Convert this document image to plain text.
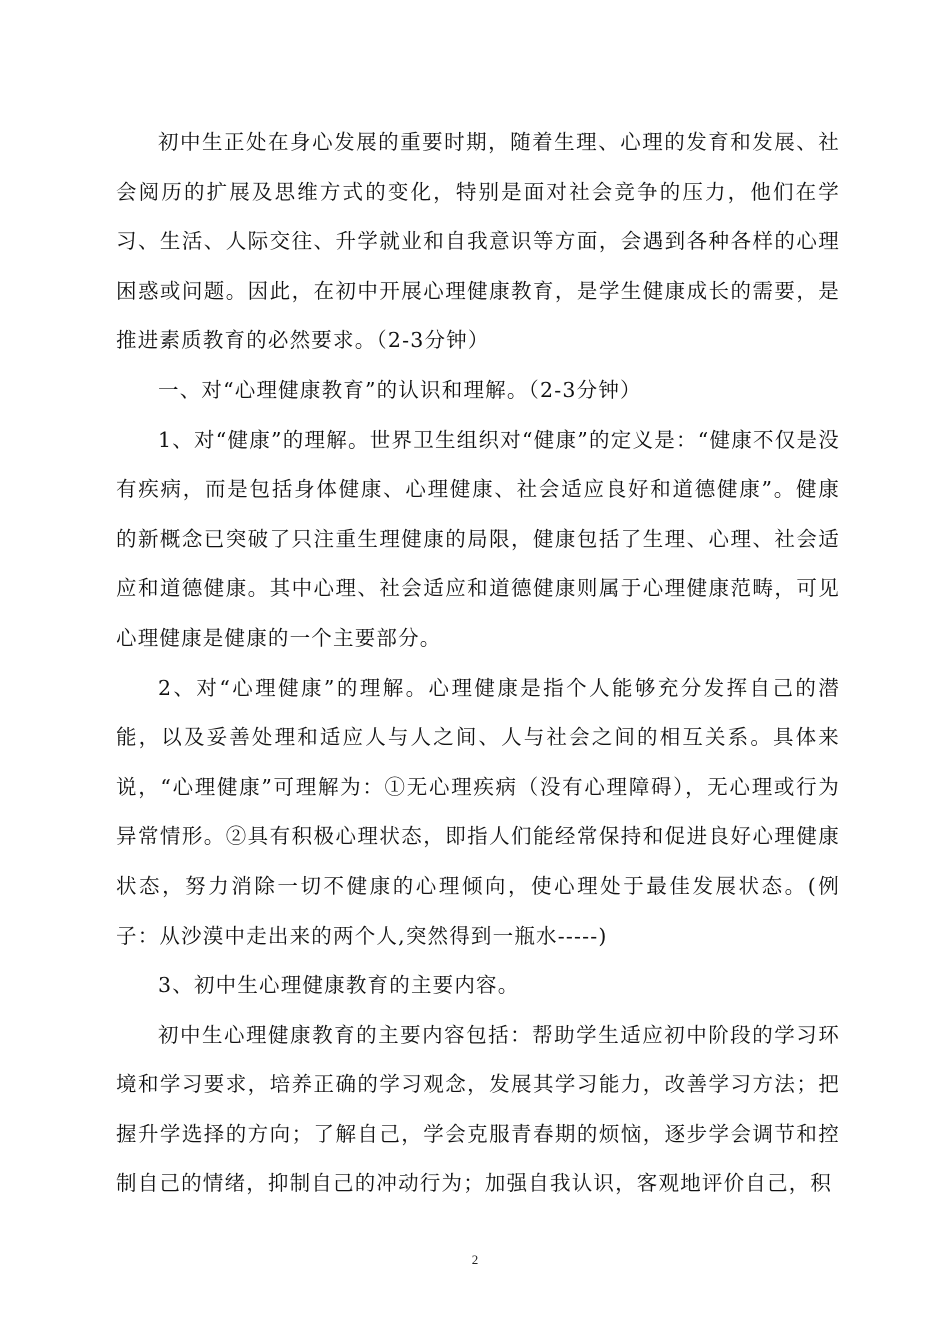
初中生正处在身心发展的重要时期，随着生理、心理的发育和发展、社会阅历的扩展及思维方式的变化，特别是面对社会竞争的压力，他们在学习、生活、人际交往、升学就业和自我意识等方面，会遇到各种各样的心理困惑或问题。因此，在初中开展心理健康教育，是学生健康成长的需要，是推进素质教育的必然要求。（2-3分钟）

一、对“心理健康教育”的认识和理解。（2-3分钟）

1、对“健康”的理解。世界卫生组织对“健康”的定义是：“健康不仅是没有疾病，而是包括身体健康、心理健康、社会适应良好和道德健康”。健康的新概念已突破了只注重生理健康的局限，健康包括了生理、心理、社会适应和道德健康。其中心理、社会适应和道德健康则属于心理健康范畴，可见心理健康是健康的一个主要部分。

2、对“心理健康”的理解。心理健康是指个人能够充分发挥自己的潜能，以及妥善处理和适应人与人之间、人与社会之间的相互关系。具体来说，“心理健康”可理解为：①无心理疾病（没有心理障碍），无心理或行为异常情形。②具有积极心理状态，即指人们能经常保持和促进良好心理健康状态，努力消除一切不健康的心理倾向，使心理处于最佳发展状态。(例子：从沙漠中走出来的两个人,突然得到一瓶水-----)

3、初中生心理健康教育的主要内容。

初中生心理健康教育的主要内容包括：帮助学生适应初中阶段的学习环境和学习要求，培养正确的学习观念，发展其学习能力，改善学习方法；把握升学选择的方向；了解自己，学会克服青春期的烦恼，逐步学会调节和控制自己的情绪，抑制自己的冲动行为；加强自我认识，客观地评价自己，积

2
